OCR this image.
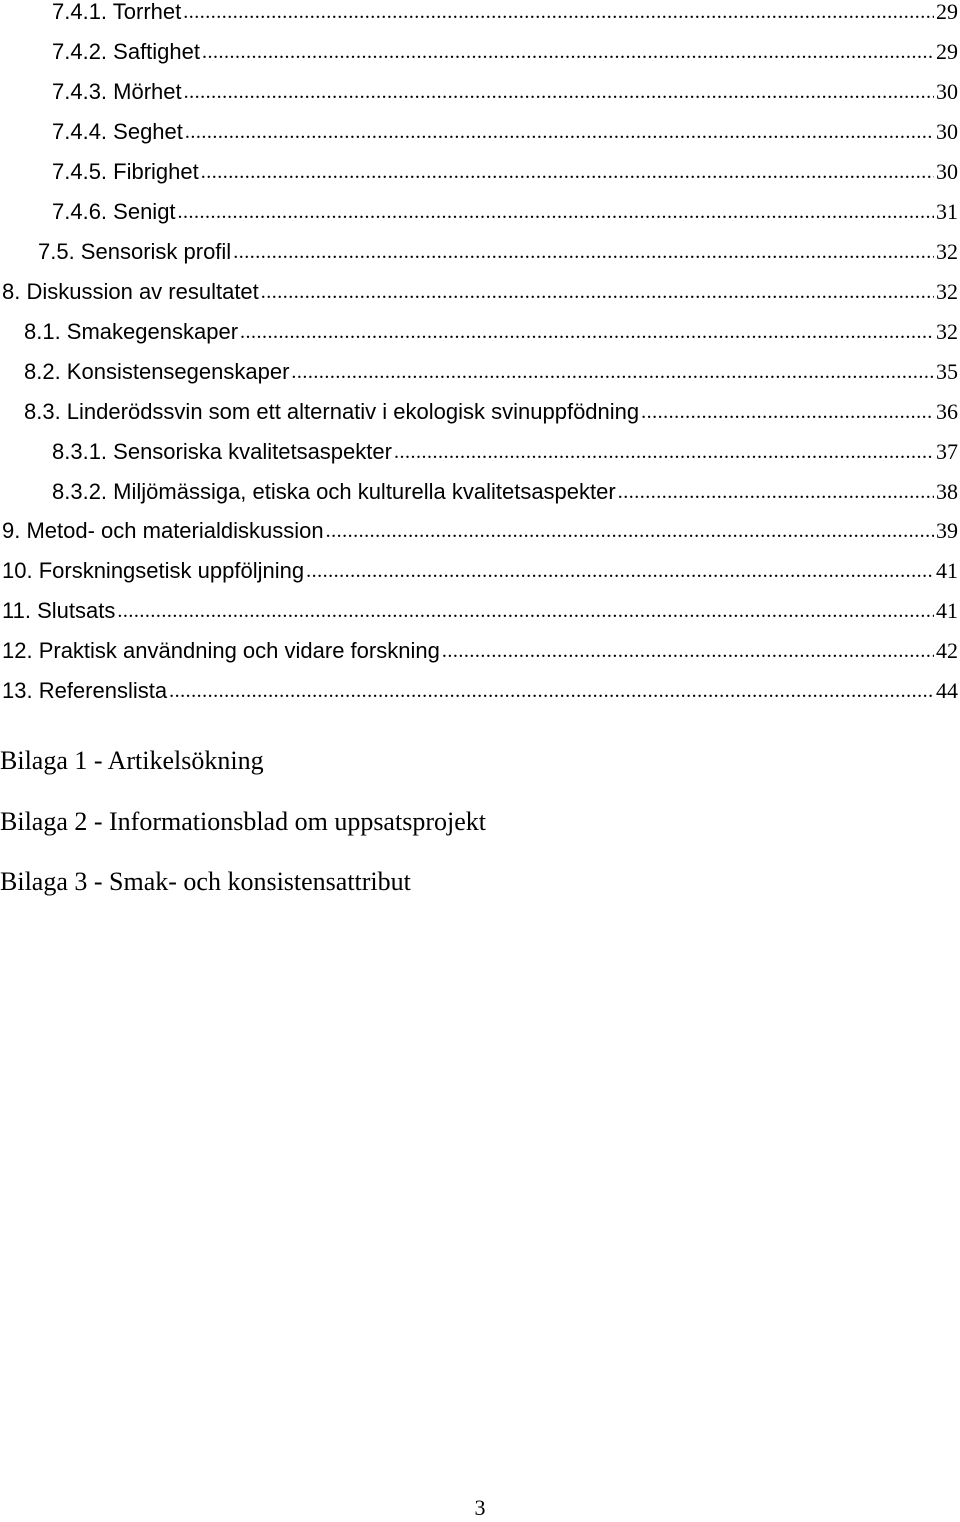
7.4.1. Torrhet .....	29
7.4.2. Saftighet .....	29
7.4.3. Mörhet .....	30
7.4.4. Seghet .....	30
7.4.5. Fibrighet .....	30
7.4.6. Senigt .....	31
7.5. Sensorisk profil .....	32
8. Diskussion av resultatet .....	32
8.1. Smakegenskaper .....	32
8.2. Konsistensegenskaper .....	35
8.3. Linderödssvin som ett alternativ i ekologisk svinuppfödning .....	36
8.3.1. Sensoriska kvalitetsaspekter .....	37
8.3.2. Miljömässiga, etiska och kulturella kvalitetsaspekter .....	38
9. Metod- och materialdiskussion .....	39
10. Forskningsetisk uppföljning .....	41
11. Slutsats .....	41
12. Praktisk användning och vidare forskning .....	42
13. Referenslista .....	44
Bilaga 1 - Artikelsökning
Bilaga 2 - Informationsblad om uppsatsprojekt
Bilaga 3 - Smak- och konsistensattribut
3
